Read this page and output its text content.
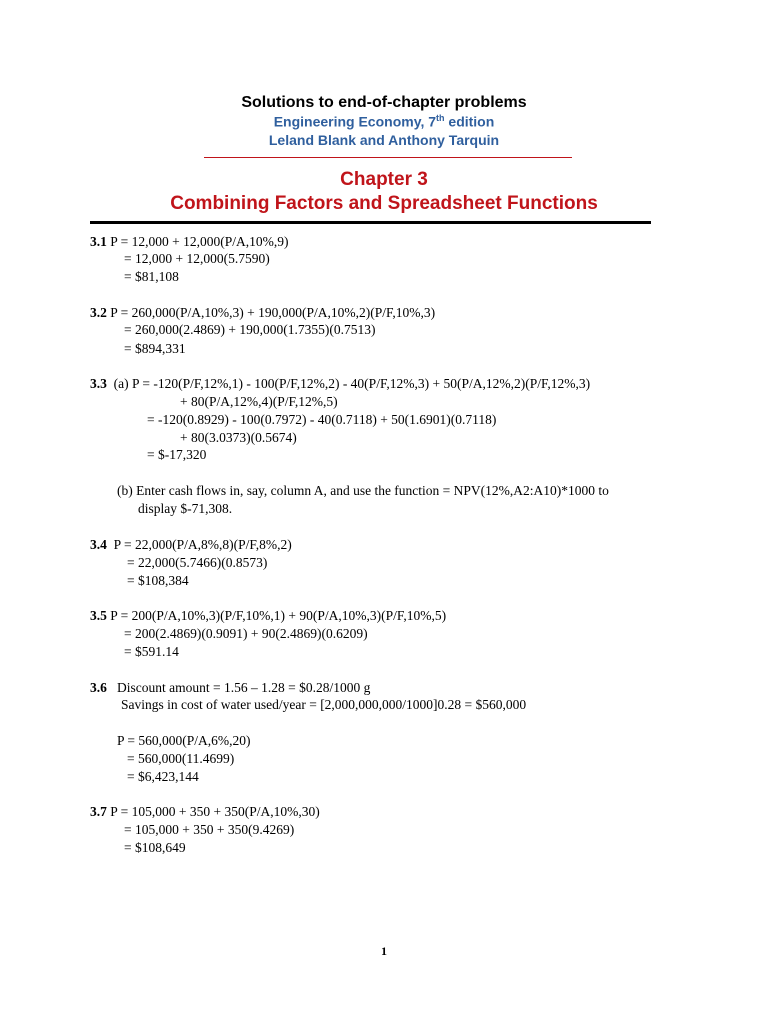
Solutions to end-of-chapter problems
Engineering Economy, 7th edition
Leland Blank and Anthony Tarquin
Chapter 3
Combining Factors and Spreadsheet Functions
3.1 P = 12,000 + 12,000(P/A,10%,9)
= 12,000 + 12,000(5.7590)
= $81,108
3.2 P = 260,000(P/A,10%,3) + 190,000(P/A,10%,2)(P/F,10%,3)
= 260,000(2.4869) + 190,000(1.7355)(0.7513)
= $894,331
3.3  (a) P = -120(P/F,12%,1) - 100(P/F,12%,2) - 40(P/F,12%,3) + 50(P/A,12%,2)(P/F,12%,3)
+ 80(P/A,12%,4)(P/F,12%,5)
= -120(0.8929) - 100(0.7972) - 40(0.7118) + 50(1.6901)(0.7118)
+ 80(3.0373)(0.5674)
= $-17,320
(b) Enter cash flows in, say, column A, and use the function = NPV(12%,A2:A10)*1000 to
display $-71,308.
3.4  P = 22,000(P/A,8%,8)(P/F,8%,2)
= 22,000(5.7466)(0.8573)
= $108,384
3.5 P = 200(P/A,10%,3)(P/F,10%,1) + 90(P/A,10%,3)(P/F,10%,5)
= 200(2.4869)(0.9091) + 90(2.4869)(0.6209)
= $591.14
3.6   Discount amount = 1.56 – 1.28 = $0.28/1000 g
Savings in cost of water used/year = [2,000,000,000/1000]0.28 = $560,000
P = 560,000(P/A,6%,20)
= 560,000(11.4699)
= $6,423,144
3.7 P = 105,000 + 350 + 350(P/A,10%,30)
= 105,000 + 350 + 350(9.4269)
= $108,649
1
